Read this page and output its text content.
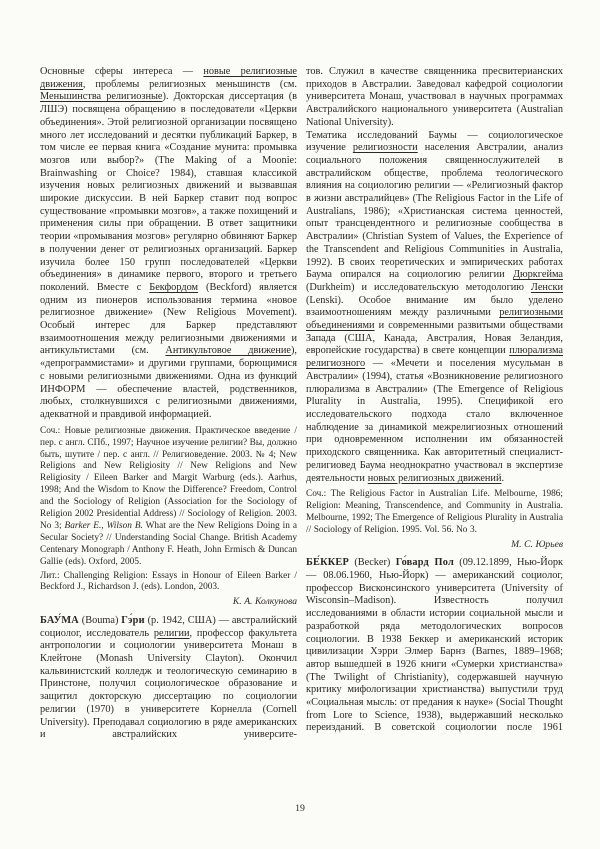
Основные сферы интереса — новые религиозные движения, проблемы религиозных меньшинств (см. Меньшинства религиозные). Докторская диссертация (в ЛШЭ) посвящена обращению в последователи «Церкви объединения». Этой религиозной организации посвящено много лет исследований и десятки публикаций Баркер, в том числе ее первая книга «Создание мунита: промывка мозгов или выбор?» (The Making of a Moonie: Brainwashing or Choice? 1984), ставшая классикой изучения новых религиозных движений и вызвавшая широкие дискуссии. В ней Баркер ставит под вопрос существование «промывки мозгов», а также похищений и применения силы при обращении. В ответ защитники теории «промывания мозгов» регулярно обвиняют Баркер в получении денег от религиозных организаций. Баркер изучила более 150 групп последователей «Церкви объединения» в динамике первого, второго и третьего поколений. Вместе с Бекфордом (Beckford) является одним из пионеров использования термина «новое религиозное движение» (New Religious Movement). Особый интерес для Баркер представляют взаимоотношения между религиозными движениями и антикультистами (см. Антикультовое движение), «депрограммистами» и другими группами, борющимися с новыми религиозными движениями. Одна из функций ИНФОРМ — обеспечение властей, родственников, любых, столкнувшихся с религиозными движениями, адекватной и правдивой информацией.

Соч.: Новые религиозные движения. Практическое введение / пер. с англ. СПб., 1997; Научное изучение религии? Вы, должно быть, шутите / пер. с англ. // Религиоведение. 2003. № 4; New Religions and New Religiosity // New Religions and New Religiosity / Eileen Barker and Margit Warburg (eds.). Aarhus, 1998; And the Wisdom to Know the Difference? Freedom, Control and the Sociology of Religion (Association for the Sociology of Religion 2002 Presidential Address) // Sociology of Religion. 2003. No 3; Barker E., Wilson B. What are the New Religions Doing in a Secular Society? // Understanding Social Change. British Academy Centenary Monograph / Anthony F. Heath, John Ermisch & Duncan Gallie (eds). Oxford, 2005.

Лит.: Challenging Religion: Essays in Honour of Eileen Barker / Beckford J., Richardson J. (eds). London, 2003.

К. А. Колкунова

БАУ́МА (Bouma) Гэ́ри (р. 1942, США) — австралийский социолог, исследователь религии, профессор факультета антропологии и социологии университета Монаш в Клейтоне (Monash University Clayton). Окончил кальвинистский колледж и теологическую семинарию в Принстоне, получил социологическое образование и защитил докторскую диссертацию по социологии религии (1970) в университете Корнелла (Cornell University). Преподавал социологию в ряде американских и австралийских университе-

тов. Служил в качестве священника пресвитерианских приходов в Австралии. Заведовал кафедрой социологии университета Монаш, участвовал в научных программах Австралийского национального университета (Australian National University).

Тематика исследований Баумы — социологическое изучение религиозности населения Австралии, анализ социального положения священнослужителей в австралийском обществе, проблема теологического влияния на социологию религии — «Религиозный фактор в жизни австралийцев» (The Religious Factor in the Life of Australians, 1986); «Христианская система ценностей, опыт трансцендентного и религиозные сообщества в Австралии» (Christian System of Values, the Experience of the Transcendent and Religious Communities in Australia, 1992). В своих теоретических и эмпирических работах Баума опирался на социологию религии Дюркгейма (Durkheim) и исследовательскую методологию Ленски (Lenski). Особое внимание им было уделено взаимоотношениям между различными религиозными объединениями и современными развитыми обществами Запада (США, Канада, Австралия, Новая Зеландия, европейские государства) в свете концепции плюрализма религиозного — «Мечети и поселения мусульман в Австралии» (1994), статья «Возникновение религиозного плюрализма в Австралии» (The Emergence of Religious Plurality in Australia, 1995). Спецификой его исследовательского подхода стало включенное наблюдение за динамикой межрелигиозных отношений при одновременном исполнении им обязанностей приходского священника. Как авторитетный специалист-религиовед Баума неоднократно участвовал в экспертизе деятельности новых религиозных движений.

Соч.: The Religious Factor in Australian Life. Melbourne, 1986; Religion: Meaning, Transcendence, and Community in Australia. Melbourne, 1992; The Emergence of Religious Plurality in Australia // Sociology of Religion. 1995. Vol. 56. No 3.

М. С. Юрьев

БЕ́ККЕР (Becker) Го́вард Пол (09.12.1899, Нью-Йорк — 08.06.1960, Нью-Йорк) — американский социолог, профессор Висконсинского университета (University of Wisconsin–Madison). Известность получил исследованиями в области истории социальной мысли и разработкой ряда методологических вопросов социологии. В 1938 Беккер и американский историк цивилизации Хэрри Элмер Барнз (Barnes, 1889–1968; автор вышедшей в 1926 книги «Сумерки христианства» (The Twilight of Christianity), содержавшей научную критику мифологизации христианства) выпустили труд «Социальная мысль: от предания к науке» (Social Thought from Lore to Science, 1938), выдержавший несколько переизданий. В советской социологии после 1961

19
